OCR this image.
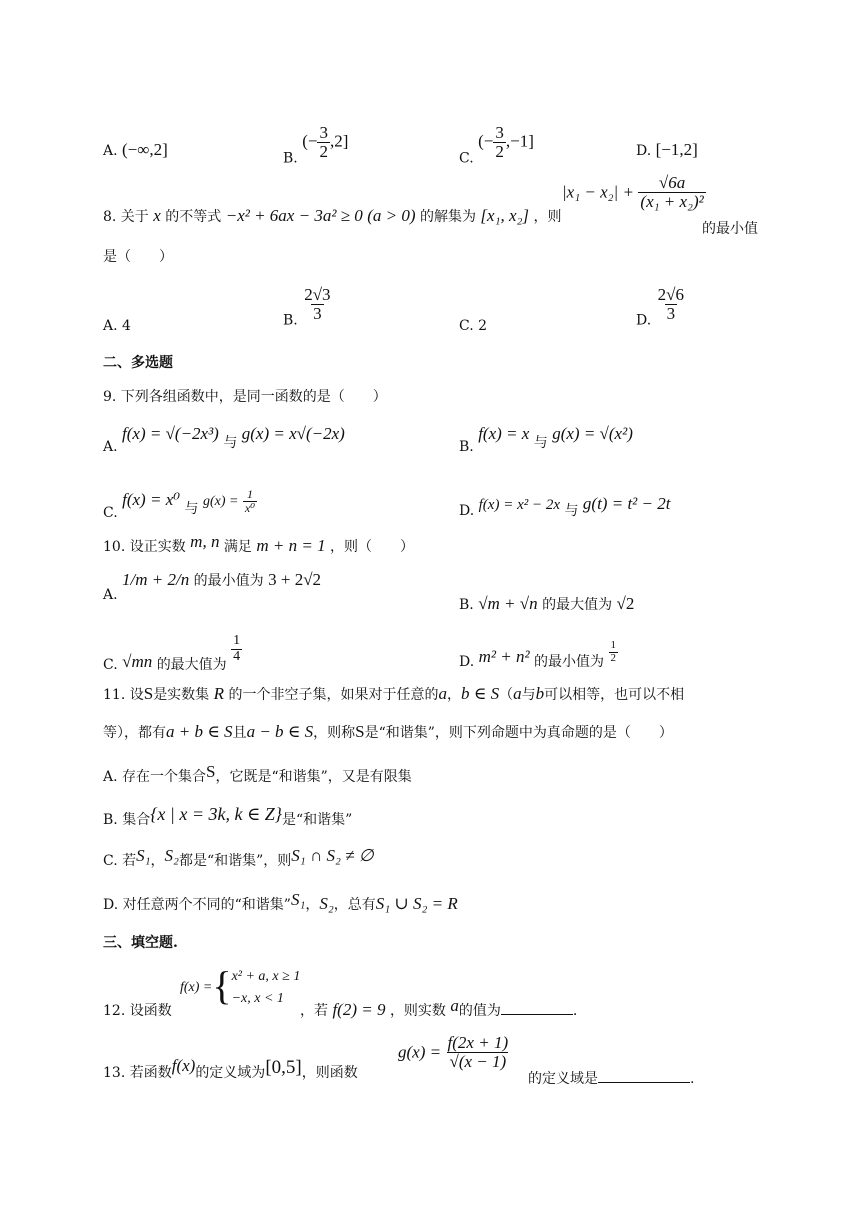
A. (−∞,2]	B. (− $\frac{3}{2} ,2$]
C. (− $\frac{3}{2} ,-1$]
D. [−1,2]
8. 关于 x 的不等式 −x² + 6ax − 3a² ≥ 0 (a > 0) 的解集为 [x₁, x₂] ，则
$|x_1 - x_2| + \frac{√6a}{\text{(x₁ + x₂)²}}$
的最小值
是（　　）
A. 4	B. $\frac{2√3}{3}$
C. 2	D. $\frac{2√6}{3}$
二、多选题
9. 下列各组函数中，是同一函数的是（　　）
A. f(x) = √(−2x³) 与 g(x) = x√(−2x)
B. f(x) = x 与 g(x) = √(x²)
C. f(x) = x⁰ 与 $g(x) = \frac{1}{\text{x⁰}}$	D. f(x) = x² − 2x 与 g(t) = t² − 2t
10. 设正实数 m, n 满足 m + n = 1 ，则（　　）
A. 1/m + 2/n 的最小值为 3 + 2√2
B. √m + √n 的最大值为 √2
C. √mn 的最大值为
$\frac{1}{4}$	D. m² + n² 的最小值为 $\frac{1}{2}$
11. 设S是实数集 R 的一个非空子集，如果对于任意的a，b ∈ S（a与b可以相等，也可以不相
等），都有a + b ∈ S且a − b ∈ S，则称S是“和谐集”，则下列命题中为真命题的是（　　）
A. 存在一个集合S，它既是“和谐集”，又是有限集
B. 集合{x | x = 3k, k ∈ Z}是“和谐集”
C. 若S₁，S₂都是“和谐集”，则S₁ ∩ S₂ ≠ ∅
D. 对任意两个不同的“和谐集”S₁，S₂，总有S₁ ∪ S₂ = R
三、填空题.
12. 设函数
f(x) ={ x² + a, x ≥ 1
−x, x < 1
，若 f(2) = 9 ，则实数 a的值为	.
13. 若函数f(x)的定义域为[0,5]，则函数
$g(x) = \frac{f(2x + 1)}{√(x - 1)}$
的定义域是	.
